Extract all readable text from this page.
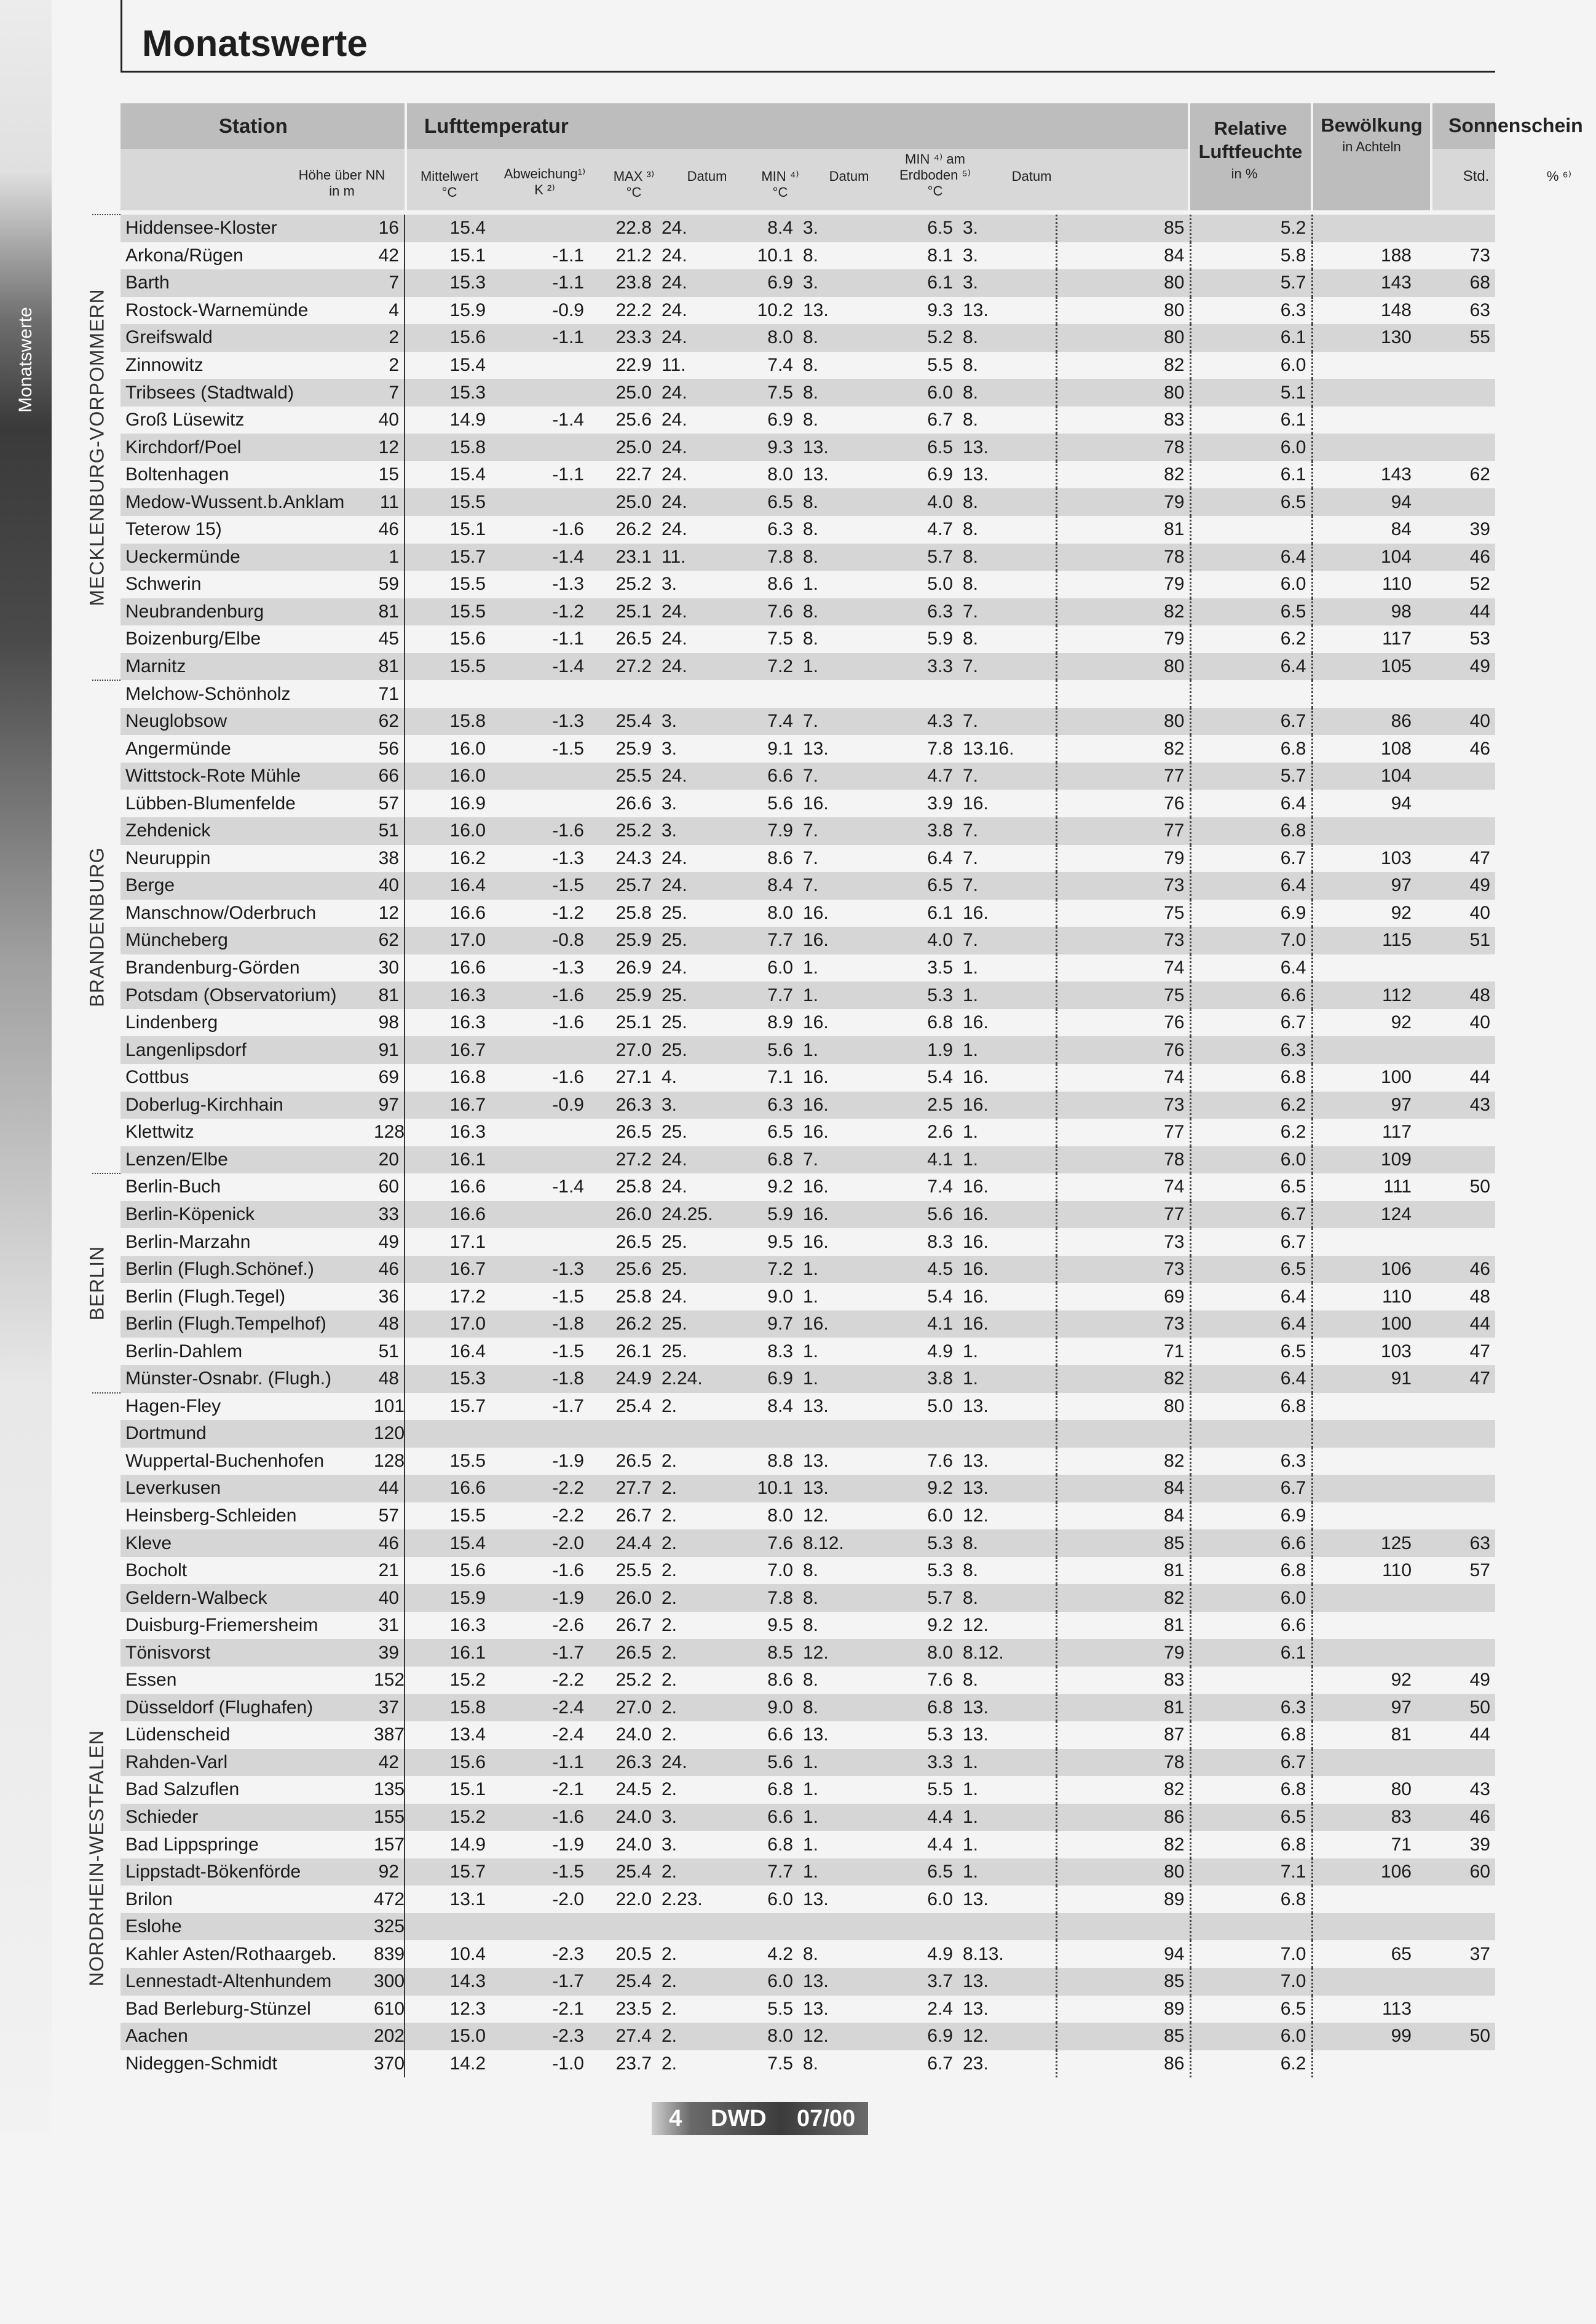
Monatswerte
Monatswerte
Station
Höhe über NN
in m
Lufttemperatur
Mittelwert
°C
Abweichung¹⁾
K ²⁾
MAX ³⁾
°C
Datum	MIN ⁴⁾
°C
Datum
MIN ⁴⁾ am
Erdboden ⁵⁾
°C
Datum
Relative
Luftfeuchte
in %
Bewölkung
in Achteln
Sonnenschein
Std.	% ⁶⁾
Hiddensee-Kloster	16	15.4		22.8	24.	8.4	3.	6.5	3.	85	5.2		
Arkona/Rügen	42	15.1	-1.1	21.2	24.	10.1	8.	8.1	3.	84	5.8	188	73
Barth	7	15.3	-1.1	23.8	24.	6.9	3.	6.1	3.	80	5.7	143	68
Rostock-Warnemünde	4	15.9	-0.9	22.2	24.	10.2	13.	9.3	13.	80	6.3	148	63
Greifswald	2	15.6	-1.1	23.3	24.	8.0	8.	5.2	8.	80	6.1	130	55
Zinnowitz	2	15.4		22.9	11.	7.4	8.	5.5	8.	82	6.0		
Tribsees (Stadtwald)	7	15.3		25.0	24.	7.5	8.	6.0	8.	80	5.1		
Groß Lüsewitz	40	14.9	-1.4	25.6	24.	6.9	8.	6.7	8.	83	6.1		
Kirchdorf/Poel	12	15.8		25.0	24.	9.3	13.	6.5	13.	78	6.0		
Boltenhagen	15	15.4	-1.1	22.7	24.	8.0	13.	6.9	13.	82	6.1	143	62
Medow-Wussent.b.Anklam	11	15.5		25.0	24.	6.5	8.	4.0	8.	79	6.5	94	
Teterow 15)	46	15.1	-1.6	26.2	24.	6.3	8.	4.7	8.	81		84	39
Ueckermünde	1	15.7	-1.4	23.1	11.	7.8	8.	5.7	8.	78	6.4	104	46
Schwerin	59	15.5	-1.3	25.2	3.	8.6	1.	5.0	8.	79	6.0	110	52
Neubrandenburg	81	15.5	-1.2	25.1	24.	7.6	8.	6.3	7.	82	6.5	98	44
Boizenburg/Elbe	45	15.6	-1.1	26.5	24.	7.5	8.	5.9	8.	79	6.2	117	53
Marnitz	81	15.5	-1.4	27.2	24.	7.2	1.	3.3	7.	80	6.4	105	49
Melchow-Schönholz	71												
Neuglobsow	62	15.8	-1.3	25.4	3.	7.4	7.	4.3	7.	80	6.7	86	40
Angermünde	56	16.0	-1.5	25.9	3.	9.1	13.	7.8	13.16.	82	6.8	108	46
Wittstock-Rote Mühle	66	16.0		25.5	24.	6.6	7.	4.7	7.	77	5.7	104	
Lübben-Blumenfelde	57	16.9		26.6	3.	5.6	16.	3.9	16.	76	6.4	94	
Zehdenick	51	16.0	-1.6	25.2	3.	7.9	7.	3.8	7.	77	6.8		
Neuruppin	38	16.2	-1.3	24.3	24.	8.6	7.	6.4	7.	79	6.7	103	47
Berge	40	16.4	-1.5	25.7	24.	8.4	7.	6.5	7.	73	6.4	97	49
Manschnow/Oderbruch	12	16.6	-1.2	25.8	25.	8.0	16.	6.1	16.	75	6.9	92	40
Müncheberg	62	17.0	-0.8	25.9	25.	7.7	16.	4.0	7.	73	7.0	115	51
Brandenburg-Görden	30	16.6	-1.3	26.9	24.	6.0	1.	3.5	1.	74	6.4		
Potsdam (Observatorium)	81	16.3	-1.6	25.9	25.	7.7	1.	5.3	1.	75	6.6	112	48
Lindenberg	98	16.3	-1.6	25.1	25.	8.9	16.	6.8	16.	76	6.7	92	40
Langenlipsdorf	91	16.7		27.0	25.	5.6	1.	1.9	1.	76	6.3		
Cottbus	69	16.8	-1.6	27.1	4.	7.1	16.	5.4	16.	74	6.8	100	44
Doberlug-Kirchhain	97	16.7	-0.9	26.3	3.	6.3	16.	2.5	16.	73	6.2	97	43
Klettwitz	128	16.3		26.5	25.	6.5	16.	2.6	1.	77	6.2	117	
Lenzen/Elbe	20	16.1		27.2	24.	6.8	7.	4.1	1.	78	6.0	109	
Berlin-Buch	60	16.6	-1.4	25.8	24.	9.2	16.	7.4	16.	74	6.5	111	50
Berlin-Köpenick	33	16.6		26.0	24.25.	5.9	16.	5.6	16.	77	6.7	124	
Berlin-Marzahn	49	17.1		26.5	25.	9.5	16.	8.3	16.	73	6.7		
Berlin (Flugh.Schönef.)	46	16.7	-1.3	25.6	25.	7.2	1.	4.5	16.	73	6.5	106	46
Berlin (Flugh.Tegel)	36	17.2	-1.5	25.8	24.	9.0	1.	5.4	16.	69	6.4	110	48
Berlin (Flugh.Tempelhof)	48	17.0	-1.8	26.2	25.	9.7	16.	4.1	16.	73	6.4	100	44
Berlin-Dahlem	51	16.4	-1.5	26.1	25.	8.3	1.	4.9	1.	71	6.5	103	47
Münster-Osnabr. (Flugh.)	48	15.3	-1.8	24.9	2.24.	6.9	1.	3.8	1.	82	6.4	91	47
Hagen-Fley	101	15.7	-1.7	25.4	2.	8.4	13.	5.0	13.	80	6.8		
Dortmund	120												
Wuppertal-Buchenhofen	128	15.5	-1.9	26.5	2.	8.8	13.	7.6	13.	82	6.3		
Leverkusen	44	16.6	-2.2	27.7	2.	10.1	13.	9.2	13.	84	6.7		
Heinsberg-Schleiden	57	15.5	-2.2	26.7	2.	8.0	12.	6.0	12.	84	6.9		
Kleve	46	15.4	-2.0	24.4	2.	7.6	8.12.	5.3	8.	85	6.6	125	63
Bocholt	21	15.6	-1.6	25.5	2.	7.0	8.	5.3	8.	81	6.8	110	57
Geldern-Walbeck	40	15.9	-1.9	26.0	2.	7.8	8.	5.7	8.	82	6.0		
Duisburg-Friemersheim	31	16.3	-2.6	26.7	2.	9.5	8.	9.2	12.	81	6.6		
Tönisvorst	39	16.1	-1.7	26.5	2.	8.5	12.	8.0	8.12.	79	6.1		
Essen	152	15.2	-2.2	25.2	2.	8.6	8.	7.6	8.	83		92	49
Düsseldorf (Flughafen)	37	15.8	-2.4	27.0	2.	9.0	8.	6.8	13.	81	6.3	97	50
Lüdenscheid	387	13.4	-2.4	24.0	2.	6.6	13.	5.3	13.	87	6.8	81	44
Rahden-Varl	42	15.6	-1.1	26.3	24.	5.6	1.	3.3	1.	78	6.7		
Bad Salzuflen	135	15.1	-2.1	24.5	2.	6.8	1.	5.5	1.	82	6.8	80	43
Schieder	155	15.2	-1.6	24.0	3.	6.6	1.	4.4	1.	86	6.5	83	46
Bad Lippspringe	157	14.9	-1.9	24.0	3.	6.8	1.	4.4	1.	82	6.8	71	39
Lippstadt-Bökenförde	92	15.7	-1.5	25.4	2.	7.7	1.	6.5	1.	80	7.1	106	60
Brilon	472	13.1	-2.0	22.0	2.23.	6.0	13.	6.0	13.	89	6.8		
Eslohe	325												
Kahler Asten/Rothaargeb.	839	10.4	-2.3	20.5	2.	4.2	8.	4.9	8.13.	94	7.0	65	37
Lennestadt-Altenhundem	300	14.3	-1.7	25.4	2.	6.0	13.	3.7	13.	85	7.0		
Bad Berleburg-Stünzel	610	12.3	-2.1	23.5	2.	5.5	13.	2.4	13.	89	6.5	113	
Aachen	202	15.0	-2.3	27.4	2.	8.0	12.	6.9	12.	85	6.0	99	50
Nideggen-Schmidt	370	14.2	-1.0	23.7	2.	7.5	8.	6.7	23.	86	6.2		
MECKLENBURG-VORPOMMERN
BRANDENBURG
BERLIN
NORDRHEIN-WESTFALEN
4 DWD 07/00
